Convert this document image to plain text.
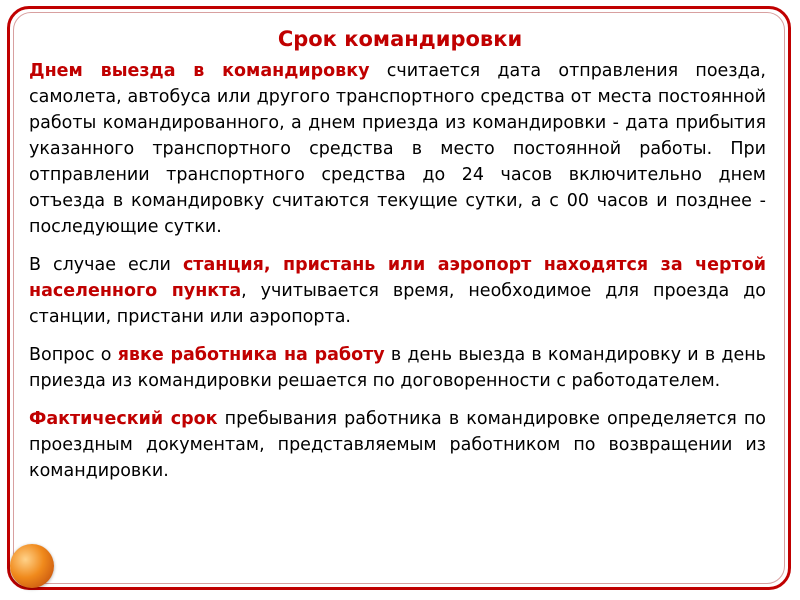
Срок командировки

Днем выезда в командировку считается дата отправления поезда, самолета, автобуса или другого транспортного средства от места постоянной работы командированного, а днем приезда из командировки - дата прибытия указанного транспортного средства в место постоянной работы. При отправлении транспортного средства до 24 часов включительно днем отъезда в командировку считаются текущие сутки, а с 00 часов и позднее - последующие сутки.

В случае если станция, пристань или аэропорт находятся за чертой населенного пункта, учитывается время, необходимое для проезда до станции, пристани или аэропорта.

Вопрос о явке работника на работу в день выезда в командировку и в день приезда из командировки решается по договоренности с работодателем.

Фактический срок пребывания работника в командировке определяется по проездным документам, представляемым работником по возвращении из командировки.
